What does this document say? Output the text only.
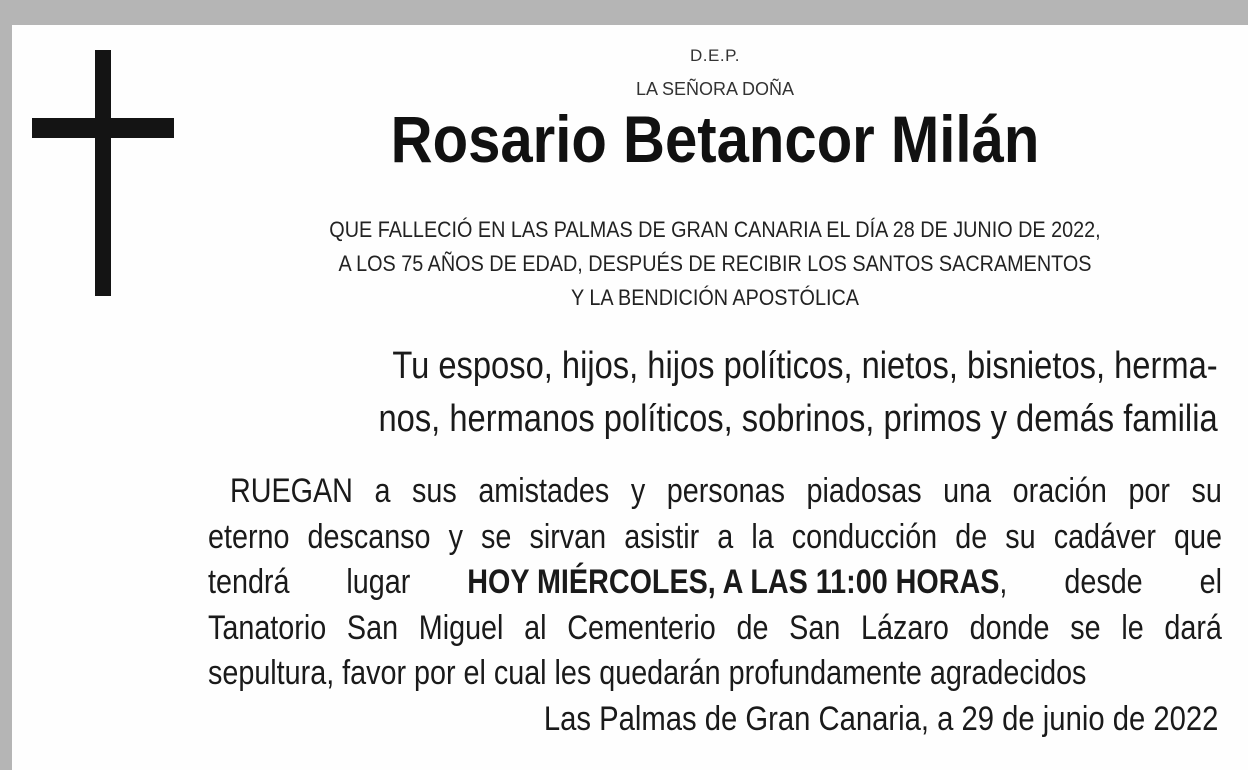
D.E.P.
LA SEÑORA DOÑA
Rosario Betancor Milán
QUE FALLECIÓ EN LAS PALMAS DE GRAN CANARIA EL DÍA 28 DE JUNIO DE 2022,
A LOS 75 AÑOS DE EDAD, DESPUÉS DE RECIBIR LOS SANTOS SACRAMENTOS
Y LA BENDICIÓN APOSTÓLICA
Tu esposo, hijos, hijos políticos, nietos, bisnietos, herma-
nos, hermanos políticos, sobrinos, primos y demás familia
RUEGAN a sus amistades y personas piadosas una oración por su
eterno descanso y se sirvan asistir a la conducción de su cadáver que
tendrá lugar HOY MIÉRCOLES, A LAS 11:00 HORAS, desde el
Tanatorio San Miguel al Cementerio de San Lázaro donde se le dará
sepultura, favor por el cual les quedarán profundamente agradecidos
Las Palmas de Gran Canaria, a 29 de junio de 2022
